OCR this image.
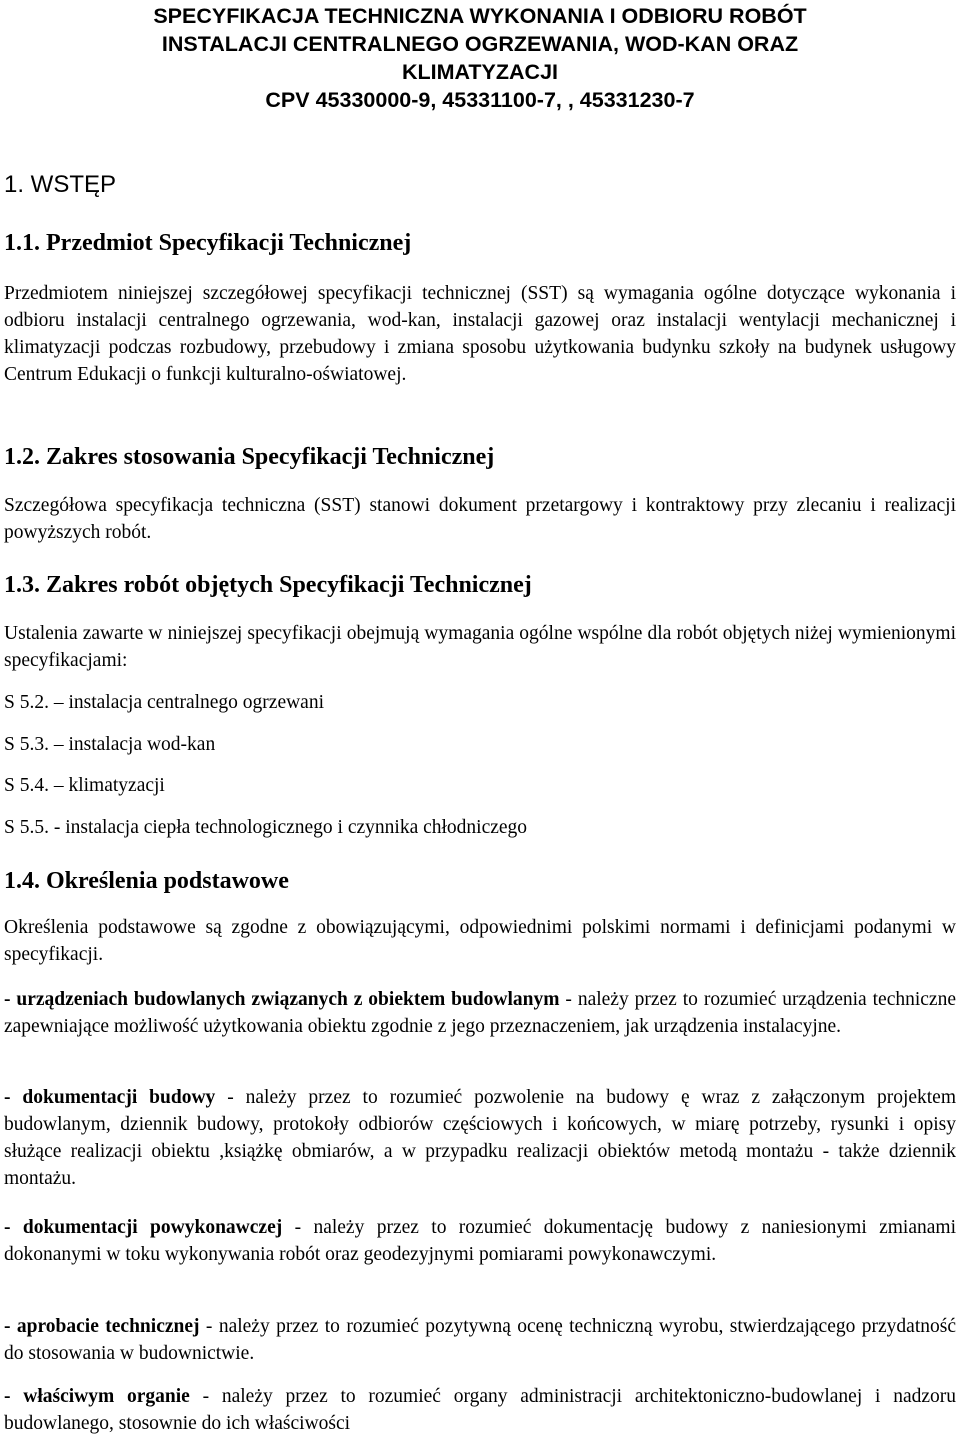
SPECYFIKACJA TECHNICZNA WYKONANIA I ODBIORU ROBÓT
INSTALACJI CENTRALNEGO OGRZEWANIA, WOD-KAN ORAZ
KLIMATYZACJI
CPV 45330000-9, 45331100-7, , 45331230-7
1. WSTĘP
1.1. Przedmiot Specyfikacji Technicznej
Przedmiotem niniejszej szczegółowej specyfikacji technicznej (SST) są wymagania ogólne dotyczące wykonania i odbioru instalacji centralnego ogrzewania, wod-kan, instalacji gazowej oraz instalacji wentylacji mechanicznej i klimatyzacji podczas rozbudowy, przebudowy i zmiana sposobu użytkowania budynku szkoły na budynek usługowy Centrum Edukacji o funkcji kulturalno-oświatowej.
1.2. Zakres stosowania Specyfikacji Technicznej
Szczegółowa specyfikacja techniczna (SST) stanowi dokument przetargowy i kontraktowy przy zlecaniu i realizacji powyższych robót.
1.3. Zakres robót objętych Specyfikacji Technicznej
Ustalenia zawarte w niniejszej specyfikacji obejmują wymagania ogólne wspólne dla robót objętych niżej wymienionymi specyfikacjami:
S 5.2. – instalacja centralnego ogrzewani
S 5.3. – instalacja wod-kan
S 5.4. – klimatyzacji
S 5.5. - instalacja ciepła technologicznego i czynnika chłodniczego
1.4. Określenia podstawowe
Określenia podstawowe są zgodne z obowiązującymi, odpowiednimi polskimi normami i definicjami podanymi w specyfikacji.
- urządzeniach budowlanych związanych z obiektem budowlanym - należy przez to rozumieć urządzenia techniczne zapewniające możliwość użytkowania obiektu zgodnie z jego przeznaczeniem, jak urządzenia instalacyjne.
- dokumentacji budowy - należy przez to rozumieć pozwolenie na budowy ę wraz z załączonym projektem budowlanym, dziennik budowy, protokoły odbiorów częściowych i końcowych, w miarę potrzeby, rysunki i opisy służące realizacji obiektu ,książkę obmiarów, a w przypadku realizacji obiektów metodą montażu - także dziennik montażu.
- dokumentacji powykonawczej - należy przez to rozumieć dokumentację budowy z naniesionymi zmianami dokonanymi w toku wykonywania robót oraz geodezyjnymi pomiarami powykonawczymi.
- aprobacie technicznej - należy przez to rozumieć pozytywną ocenę techniczną wyrobu, stwierdzającego przydatność do stosowania w budownictwie.
- właściwym organie - należy przez to rozumieć organy administracji architektoniczno-budowlanej i nadzoru budowlanego, stosownie do ich właściwości
